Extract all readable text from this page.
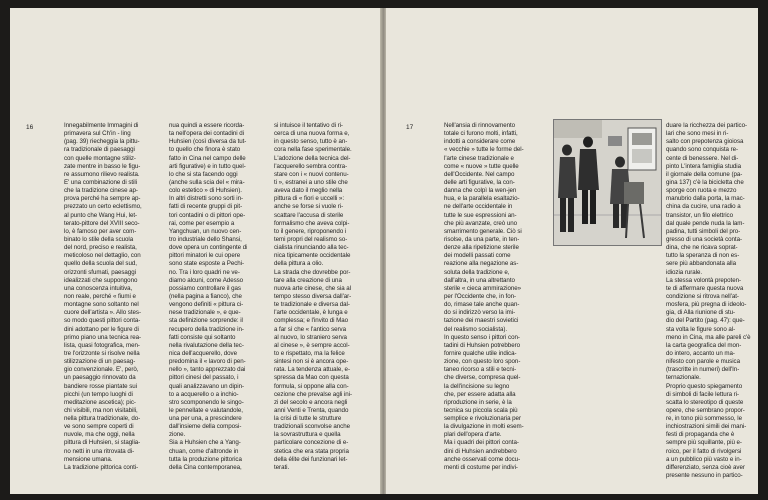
16	Innegabilmente Immagini di
primavera sul Ch'in - ling
(pag. 39) riecheggia la pittu-
ra tradizionale di paesaggi
con quelle montagne stiliz-
zate mentre in basso le figu-
re assumono rilievo realista.
E' una combinazione di stili
che la tradizione cinese ap-
prova perché ha sempre ap-
prezzato un certo eclettismo,
al punto che Wang Hui, let-
terato-pittore del XVIII seco-
lo, è famoso per aver com-
binato lo stile della scuola
del nord, preciso e realista,
meticoloso nel dettaglio, con
quello della scuola del sud,
orizzonti sfumati, paesaggi
idealizzati che suppongono
una conoscenza intuitiva,
non reale, perché « fiumi e
montagne sono soltanto nel
cuore dell'artista ». Allo stes-
so modo questi pittori conta-
dini adottano per le figure di
primo piano una tecnica rea-
lista, quasi fotografica, men-
tre l'orizzonte si risolve nella
stilizzazione di un paesag-
gio convenzionale. E', però,
un paesaggio rinnovato da
bandiere rosse piantate sui
picchi (un tempo luoghi di
meditazione ascetica); pic-
chi visibili, ma non visitabili,
nella pittura tradizionale, do-
ve sono sempre coperti di
nuvole, ma che oggi, nella
pittura di Huhsien, si staglia-
no netti in una ritrovata di-
mensione umana.
La tradizione pittorica conti-
nua quindi a essere ricorda-
ta nell'opera dei contadini di
Huhsien (così diversa da tut-
to quello che finora è stato
fatto in Cina nel campo delle
arti figurative) e in tutto quel-
lo che si sta facendo oggi
(anche sulla scia del « mira-
colo estetico » di Huhsien).
In altri distretti sono sorti in-
fatti di recente gruppi di pit-
tori contadini o di pittori ope-
rai, come per esempio a
Yangchuan, un nuovo cen-
tro industriale dello Shansi,
dove opera un contingente di
pittori minatori le cui opere
sono state esposte a Pechi-
no. Tra i loro quadri ne ve-
diamo alcuni, come Adesso
possiamo controllare il gas
(nella pagina a fianco), che
vengono definiti « pittura ci-
nese tradizionale », e que-
sta definizione sorprende: il
recupero della tradizione in-
fatti consiste qui soltanto
nella rivalutazione della tec-
nica dell'acquerello, dove
predomina il « lavoro di pen-
nello », tanto apprezzato dai
pittori cinesi del passato, i
quali analizzavano un dipin-
to a acquerello o a inchio-
stro scomponendo le singo-
le pennellate e valutandole,
una per una, a prescindere
dall'insieme della composi-
zione.
Sia a Huhsien che a Yang-
chuan, come d'altronde in
tutta la produzione pittorica
della Cina contemporanea,
si intuisce il tentativo di ri-
cerca di una nuova forma e,
in questo senso, tutto è an-
cora nella fase sperimentale.
L'adozione della tecnica del-
l'acquerello sembra contra-
stare con i « nuovi contenu-
ti », estranei a uno stile che
aveva dato il meglio nella
pittura di « fiori e uccelli »:
anche se forse si vuole ri-
scattare l'accusa di sterile
formalismo che aveva colpi-
to il genere, riproponendo i
temi propri del realismo so-
cialista rinunciando alla tec-
nica tipicamente occidentale
della pittura a olio.
La strada che dovrebbe por-
tare alla creazione di una
nuova arte cinese, che sia al
tempo stesso diversa dall'ar-
te tradizionale e diversa dal-
l'arte occidentale, è lunga e
complessa; e l'invito di Mao
a far sì che « l'antico serva
al nuovo, lo straniero serva
al cinese », è sempre accol-
to e rispettato, ma la felice
sintesi non si è ancora ope-
rata. La tendenza attuale, e-
spressa da Mao con questa
formula, si oppone alla con-
cezione che prevalse agli ini-
zi del secolo e ancora negli
anni Venti e Trenta, quando
la crisi di tutte le strutture
tradizionali sconvolse anche
la sovrastruttura e quella
particolare concezione di e-
stetica che era stata propria
della élite dei funzionari let-
terati.
17	Nell'ansia di rinnovamento
totale ci furono molti, infatti,
indotti a considerare come
« vecchie » tutte le forme del-
l'arte cinese tradizionale e
come « nuove » tutte quelle
dell'Occidente. Nel campo
delle arti figurative, la con-
danna che colpì la wen-jen
hua, e la parallela esaltazio-
ne dell'arte occidentale in
tutte le sue espressioni an-
che più avanzate, creò uno
smarrimento generale. Ciò si
risolse, da una parte, in ten-
denze alla ripetizione sterile
dei modelli passati come
reazione alla negazione as-
soluta della tradizione e,
dall'altra, in una altrettanto
sterile « cieca ammirazione»
per l'Occidente che, in fon-
do, rimase tale anche quan-
do si indirizzò verso la imi-
tazione dei maestri sovietici
del realismo socialista).
In questo senso i pittori con-
tadini di Huhsien potrebbero
fornire qualche utile indica-
zione, con questo loro spon-
taneo ricorso a stili e tecni-
che diverse, compresa quel-
la dell'incisione su legno
che, per essere adatta alla
riproduzione in serie, è la
tecnica su piccola scala più
semplice e rivoluzionaria per
la divulgazione in molti esem-
plari dell'opera d'arte.
Ma i quadri dei pittori conta-
dini di Huhsien andrebbero
anche osservati come docu-
menti di costume per indivi-
duare la ricchezza dei partico-
lari che sono mesi in ri-
salto con prepotenza gioiosa
quando sono conquista re-
cente di benessere. Nel di-
pinto L'intera famiglia studia
il giornale della comune (pa-
gina 137) c'è la bicicletta che
sporge con ruota e mezzo
manubrio dalla porta, la mac-
china da cucire, una radio a
transistor, un filo elettrico
dal quale pende nuda la lam-
padina, tutti simboli del pro-
gresso di una società conta-
dina, che ne ricava soprat-
tutto la speranza di non es-
sere più abbandonata alla
idiozia rurale.
La stessa volontà prepoten-
te di affermare questa nuova
condizione si ritrova nell'at-
mosfera, più pregna di ideolo-
gia, di Alla riunione di stu-
dio del Partito (pag. 47): que-
sta volta le figure sono al-
meno in Cina, ma alle pareli c'è
la carta geografica del mon-
do intero, accanto un ma-
nifesto con parole e musica
(trascritte in numeri) dell'In-
ternazionale.
Proprio questo spiegamento
di simboli di facile lettura ri-
scatta lo stereotipo di queste
opere, che sembrano propor-
re, in tono più sommesso, le
inchiostrazioni simili dei mani-
festi di propaganda che è
sempre più squillante, più e-
roico, per il fatto di rivolgersi
a un pubblico più vasto e in-
differenziato, senza cioè aver
presente nessuno in partico-
